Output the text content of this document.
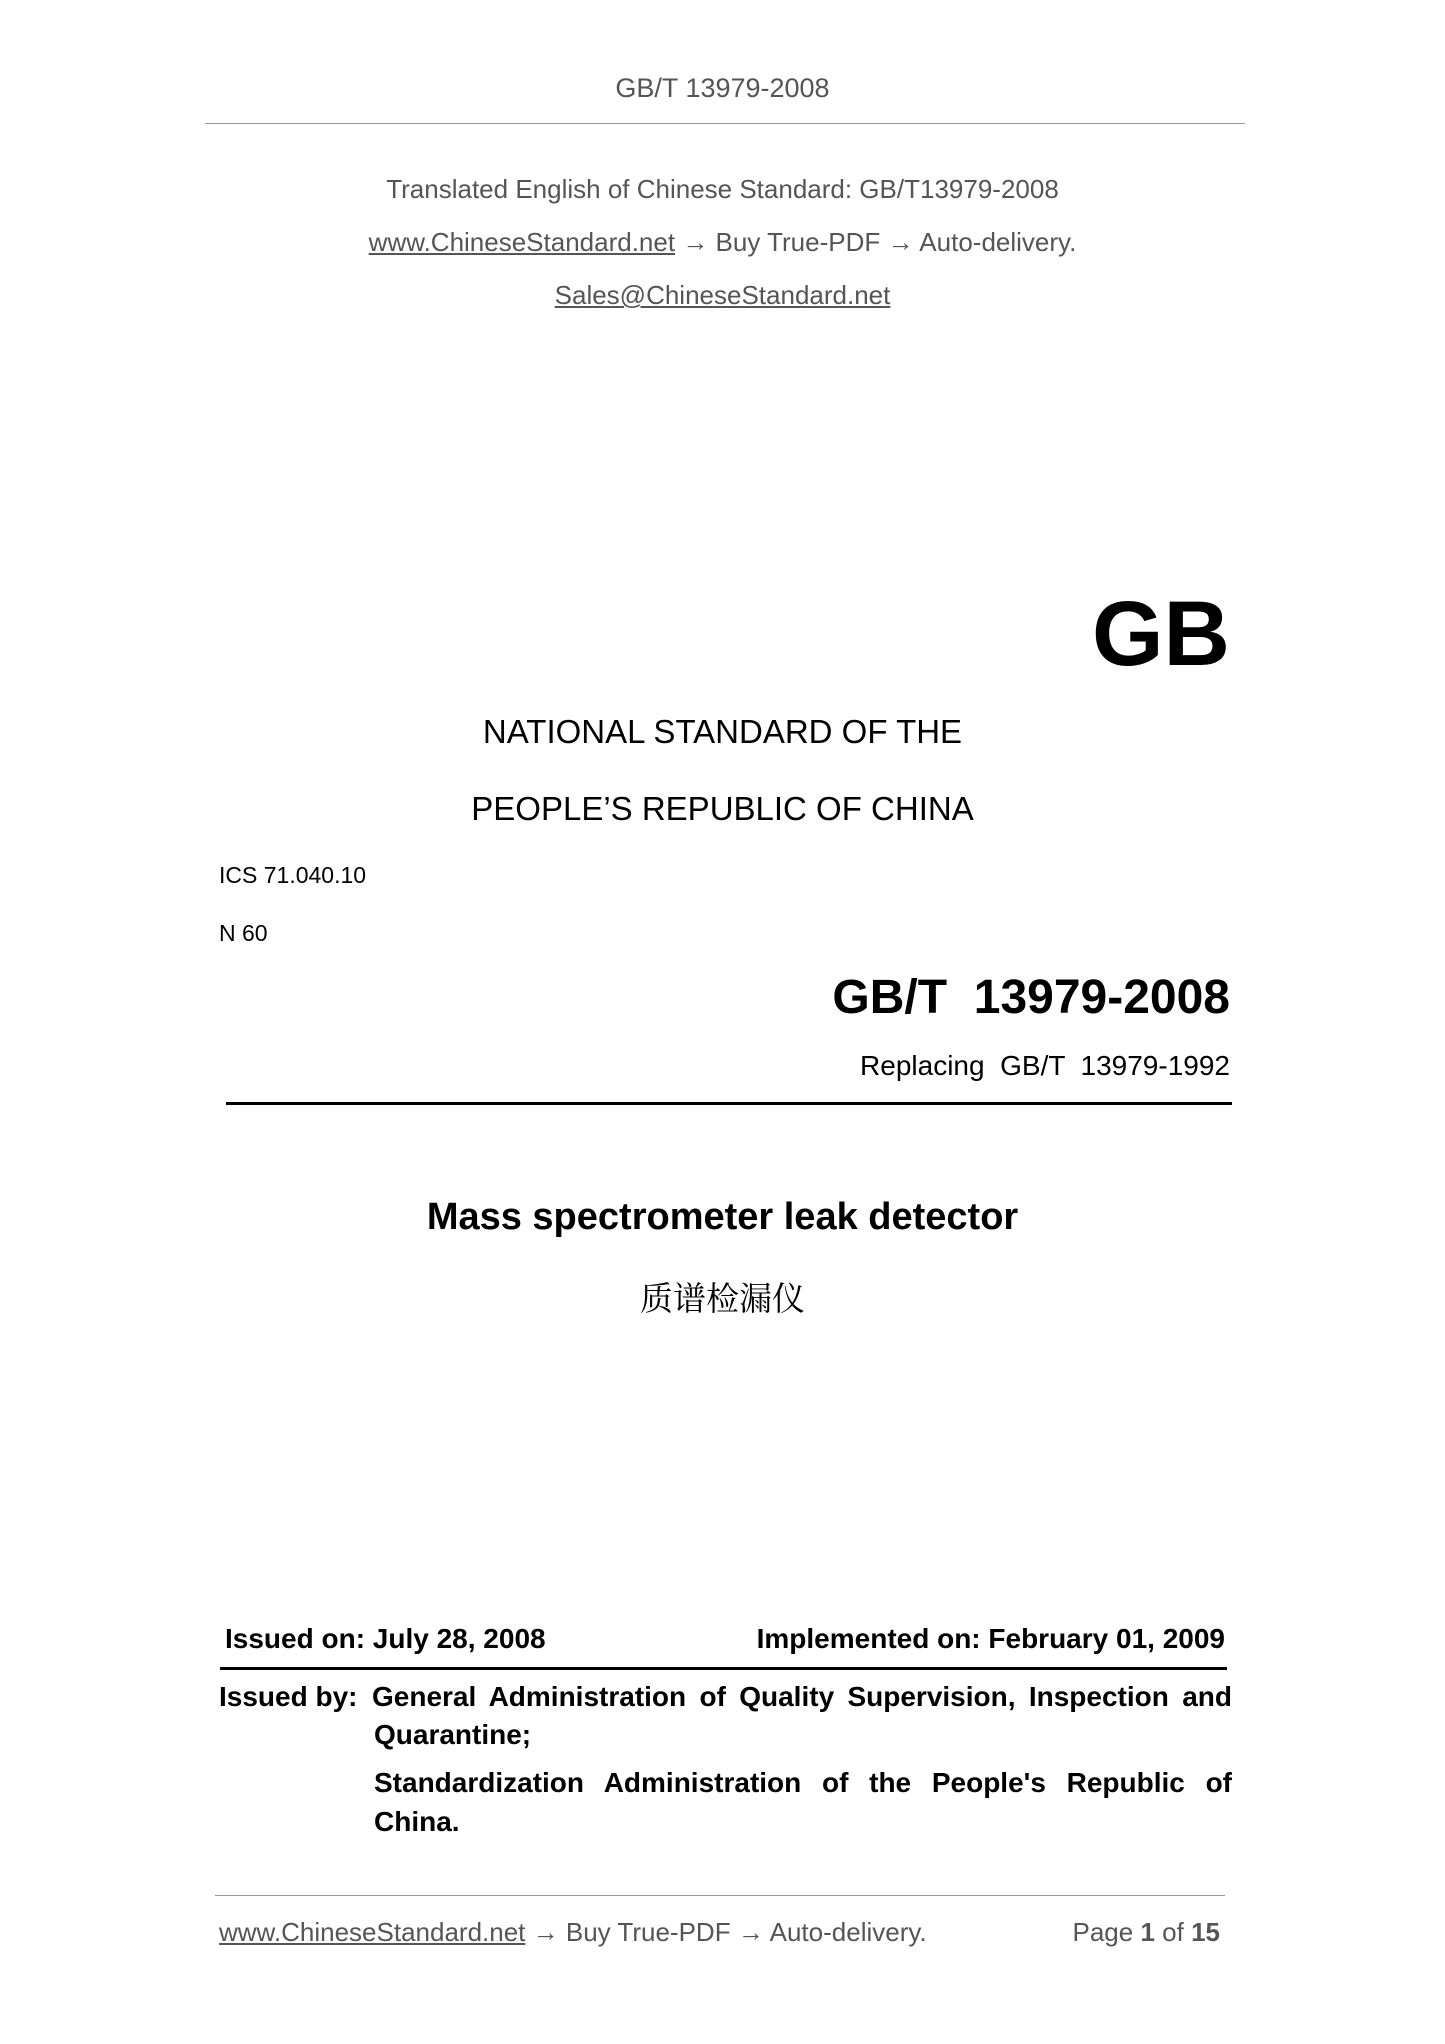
GB/T 13979-2008
Translated English of Chinese Standard: GB/T13979-2008
www.ChineseStandard.net → Buy True-PDF → Auto-delivery.
Sales@ChineseStandard.net
GB
NATIONAL STANDARD OF THE
PEOPLE’S REPUBLIC OF CHINA
ICS 71.040.10
N 60
GB/T  13979-2008
Replacing  GB/T  13979-1992
Mass spectrometer leak detector
质谱检漏仪
Issued on: July 28, 2008	Implemented on: February 01, 2009
Issued by: General Administration of Quality Supervision, Inspection and
Quarantine;
Standardization Administration of the People's Republic of
China.
www.ChineseStandard.net → Buy True-PDF → Auto-delivery.	Page 1 of 15
